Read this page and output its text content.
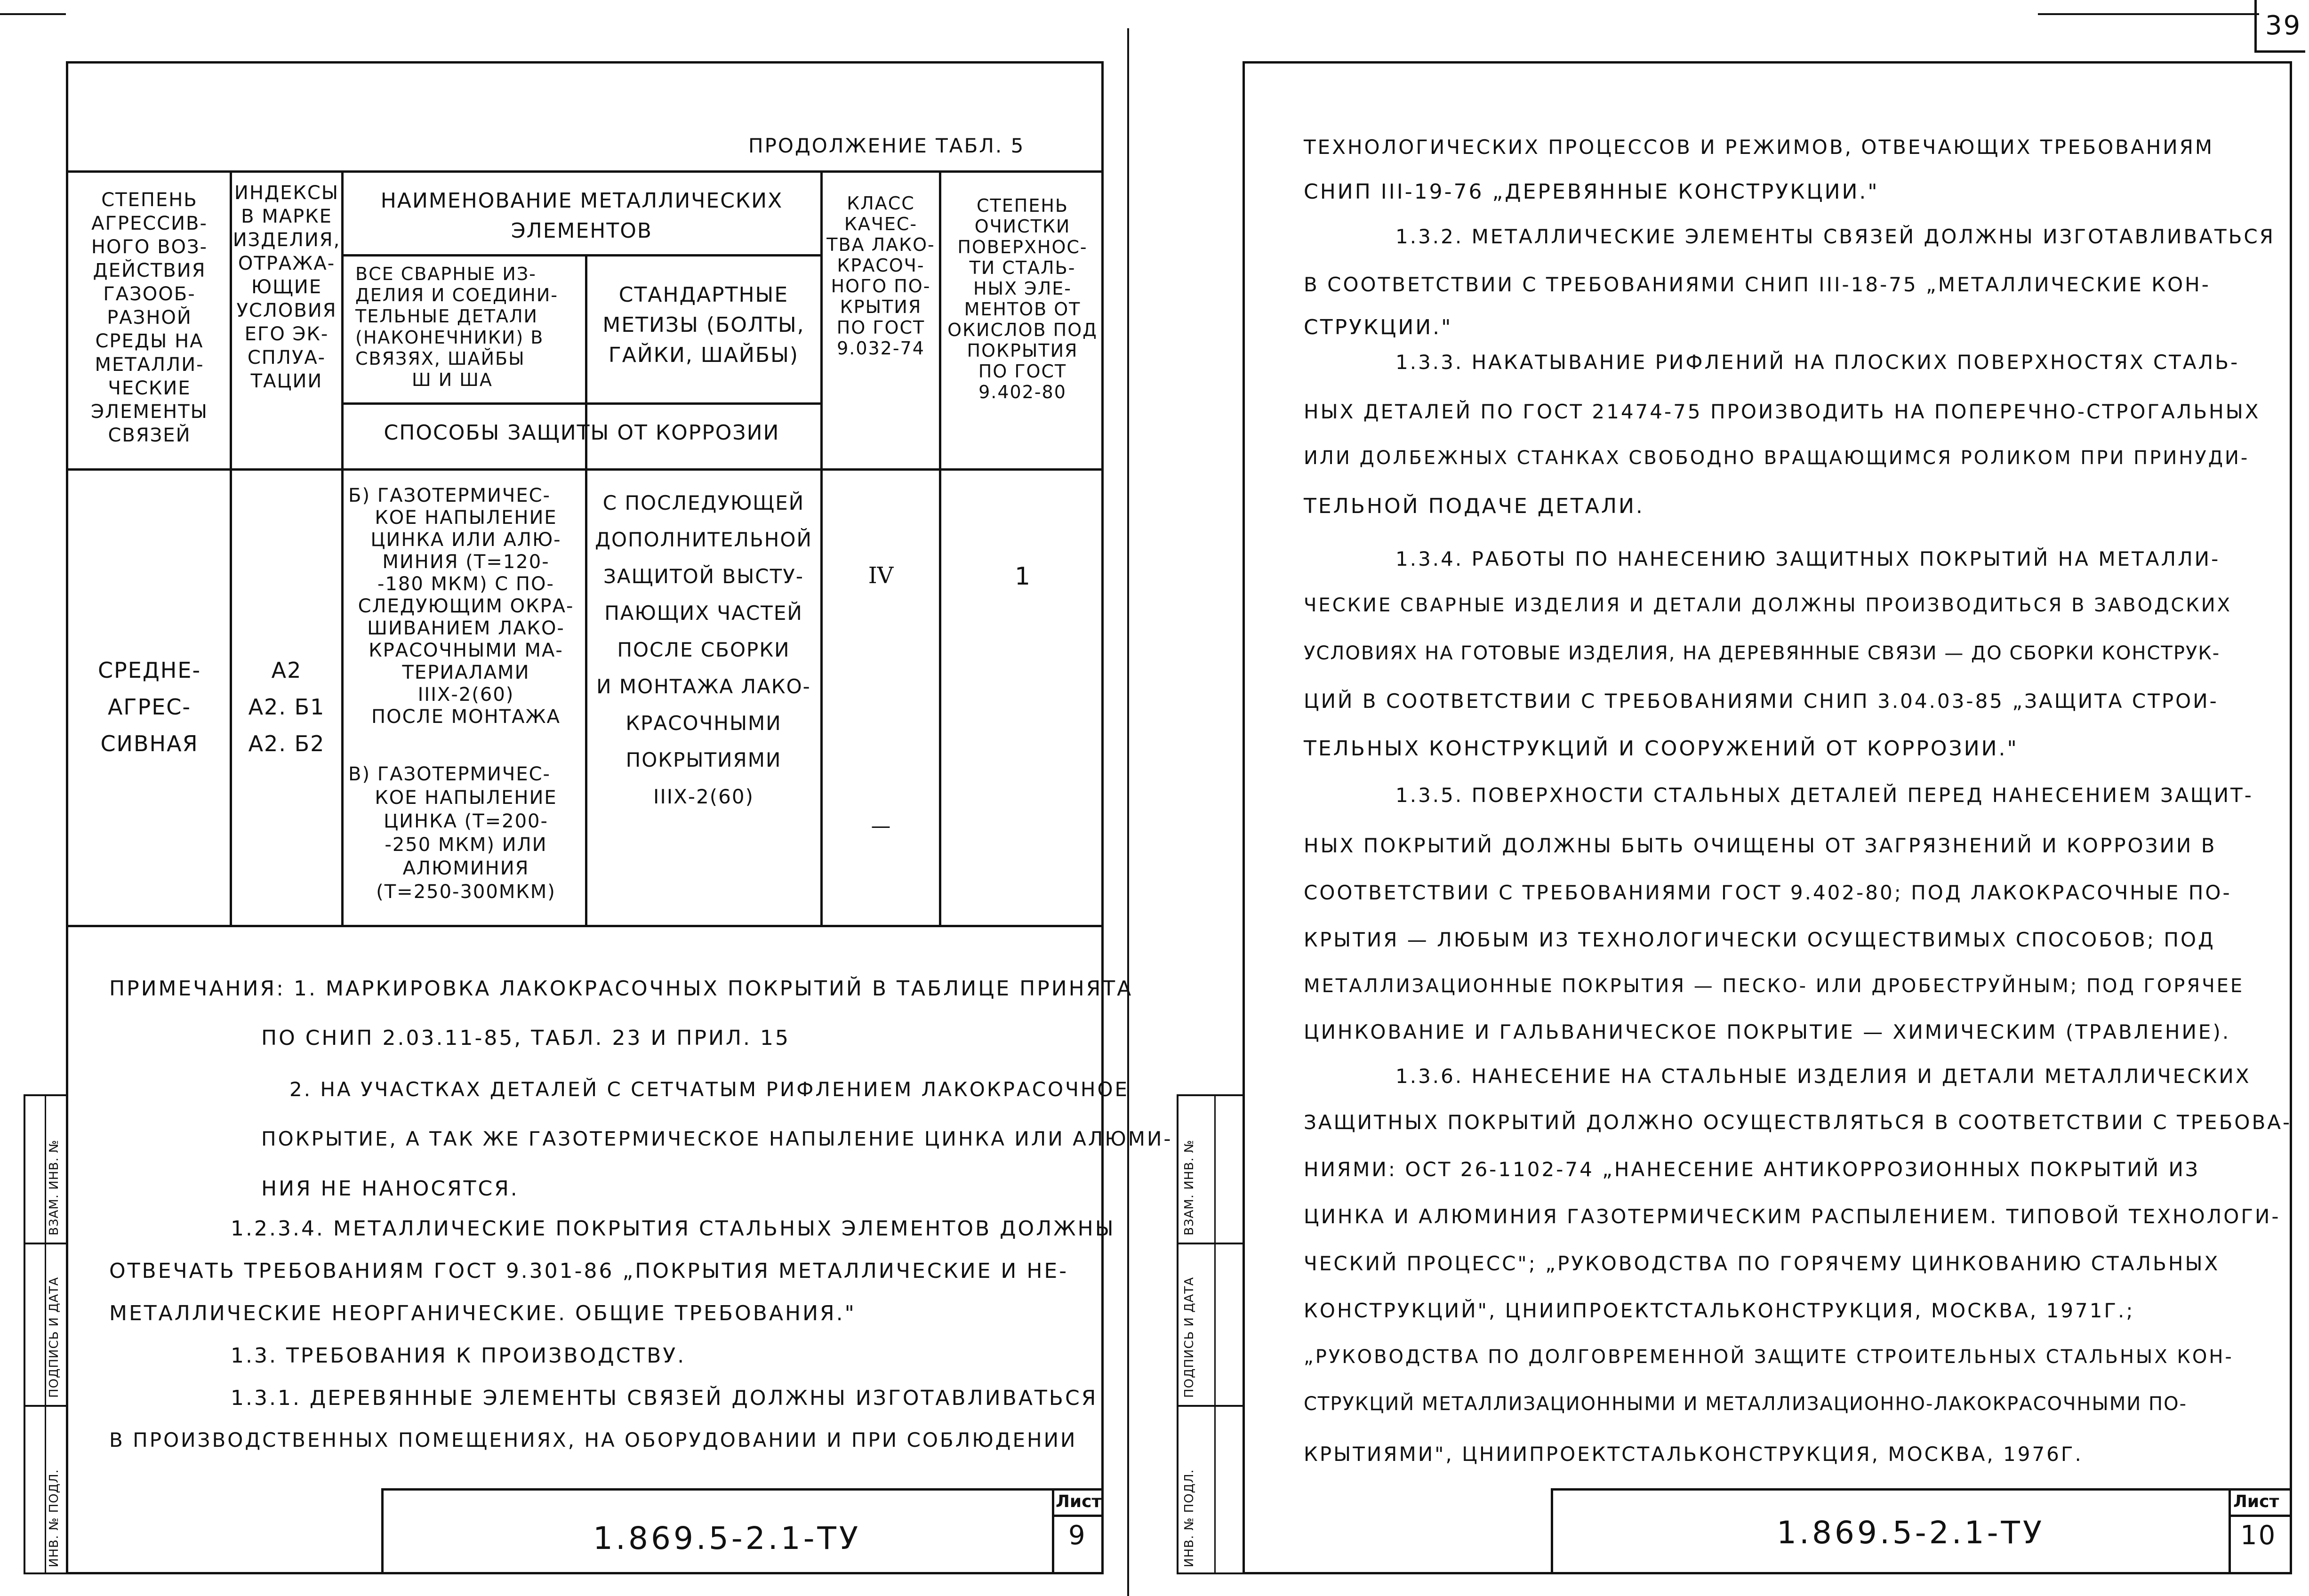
39
ПРОДОЛЖЕНИЕ ТАБЛ. 5
СТЕПЕНЬ
АГРЕССИВ-
НОГО ВОЗ-
ДЕЙСТВИЯ
ГАЗООБ-
РАЗНОЙ
СРЕДЫ НА
МЕТАЛЛИ-
ЧЕСКИЕ
ЭЛЕМЕНТЫ
СВЯЗЕЙ
ИНДЕКСЫ
В МАРКЕ
ИЗДЕЛИЯ,
ОТРАЖА-
ЮЩИЕ
УСЛОВИЯ
ЕГО ЭК-
СПЛУА-
ТАЦИИ
НАИМЕНОВАНИЕ МЕТАЛЛИЧЕСКИХ
ЭЛЕМЕНТОВ
ВСЕ СВАРНЫЕ ИЗ-
ДЕЛИЯ И СОЕДИНИ-
ТЕЛЬНЫЕ ДЕТАЛИ
(НАКОНЕЧНИКИ) В
СВЯЗЯХ, ШАЙБЫ
Ш И ША
СТАНДАРТНЫЕ
МЕТИЗЫ (БОЛТЫ,
ГАЙКИ, ШАЙБЫ)
СПОСОБЫ ЗАЩИТЫ ОТ КОРРОЗИИ
КЛАСС
КАЧЕС-
ТВА ЛАКО-
КРАСОЧ-
НОГО ПО-
КРЫТИЯ
ПО ГОСТ
9.032-74
СТЕПЕНЬ
ОЧИСТКИ
ПОВЕРХНОС-
ТИ СТАЛЬ-
НЫХ ЭЛЕ-
МЕНТОВ ОТ
ОКИСЛОВ ПОД
ПОКРЫТИЯ
ПО ГОСТ
9.402-80
СРЕДНЕ-
АГРЕС-
СИВНАЯ
А2
А2. Б1
А2. Б2
Б) ГАЗОТЕРМИЧЕС-
КОЕ НАПЫЛЕНИЕ
ЦИНКА ИЛИ АЛЮ-
МИНИЯ (T=120-
-180 МКМ) С ПО-
СЛЕДУЮЩИМ ОКРА-
ШИВАНИЕМ ЛАКО-
КРАСОЧНЫМИ МА-
ТЕРИАЛАМИ
IIIХ-2(60)
ПОСЛЕ МОНТАЖА
В) ГАЗОТЕРМИЧЕС-
КОЕ НАПЫЛЕНИЕ
ЦИНКА (T=200-
-250 МКМ) ИЛИ
АЛЮМИНИЯ
(T=250-300МКМ)
С ПОСЛЕДУЮЩЕЙ
ДОПОЛНИТЕЛЬНОЙ
ЗАЩИТОЙ ВЫСТУ-
ПАЮЩИХ ЧАСТЕЙ
ПОСЛЕ СБОРКИ
И МОНТАЖА ЛАКО-
КРАСОЧНЫМИ
ПОКРЫТИЯМИ
IIIХ-2(60)
IV
—
1
ПРИМЕЧАНИЯ: 1. МАРКИРОВКА ЛАКОКРАСОЧНЫХ ПОКРЫТИЙ В ТАБЛИЦЕ ПРИНЯТА
ПО СНИП 2.03.11-85, ТАБЛ. 23 И ПРИЛ. 15
2. НА УЧАСТКАХ ДЕТАЛЕЙ С СЕТЧАТЫМ РИФЛЕНИЕМ ЛАКОКРАСОЧНОЕ
ПОКРЫТИЕ, А ТАК ЖЕ ГАЗОТЕРМИЧЕСКОЕ НАПЫЛЕНИЕ ЦИНКА ИЛИ АЛЮМИ-
НИЯ НЕ НАНОСЯТСЯ.
1.2.3.4. МЕТАЛЛИЧЕСКИЕ ПОКРЫТИЯ СТАЛЬНЫХ ЭЛЕМЕНТОВ ДОЛЖНЫ
ОТВЕЧАТЬ ТРЕБОВАНИЯМ ГОСТ 9.301-86 „ПОКРЫТИЯ МЕТАЛЛИЧЕСКИЕ И НЕ-
МЕТАЛЛИЧЕСКИЕ НЕОРГАНИЧЕСКИЕ. ОБЩИЕ ТРЕБОВАНИЯ."
1.3. ТРЕБОВАНИЯ К ПРОИЗВОДСТВУ.
1.3.1. ДЕРЕВЯННЫЕ ЭЛЕМЕНТЫ СВЯЗЕЙ ДОЛЖНЫ ИЗГОТАВЛИВАТЬСЯ
В ПРОИЗВОДСТВЕННЫХ ПОМЕЩЕНИЯХ, НА ОБОРУДОВАНИИ И ПРИ СОБЛЮДЕНИИ
1.869.5-2.1-ТУ
Лист
9
ИНВ. № ПОДЛ.
ПОДПИСЬ И ДАТА
ВЗАМ. ИНВ. №
ТЕХНОЛОГИЧЕСКИХ ПРОЦЕССОВ И РЕЖИМОВ, ОТВЕЧАЮЩИХ ТРЕБОВАНИЯМ
СНИП III-19-76 „ДЕРЕВЯННЫЕ КОНСТРУКЦИИ."
1.3.2. МЕТАЛЛИЧЕСКИЕ ЭЛЕМЕНТЫ СВЯЗЕЙ ДОЛЖНЫ ИЗГОТАВЛИВАТЬСЯ
В СООТВЕТСТВИИ С ТРЕБОВАНИЯМИ СНИП III-18-75 „МЕТАЛЛИЧЕСКИЕ КОН-
СТРУКЦИИ."
1.3.3. НАКАТЫВАНИЕ РИФЛЕНИЙ НА ПЛОСКИХ ПОВЕРХНОСТЯХ СТАЛЬ-
НЫХ ДЕТАЛЕЙ ПО ГОСТ 21474-75 ПРОИЗВОДИТЬ НА ПОПЕРЕЧНО-СТРОГАЛЬНЫХ
ИЛИ ДОЛБЕЖНЫХ СТАНКАХ СВОБОДНО ВРАЩАЮЩИМСЯ РОЛИКОМ ПРИ ПРИНУДИ-
ТЕЛЬНОЙ ПОДАЧЕ ДЕТАЛИ.
1.3.4. РАБОТЫ ПО НАНЕСЕНИЮ ЗАЩИТНЫХ ПОКРЫТИЙ НА МЕТАЛЛИ-
ЧЕСКИЕ СВАРНЫЕ ИЗДЕЛИЯ И ДЕТАЛИ ДОЛЖНЫ ПРОИЗВОДИТЬСЯ В ЗАВОДСКИХ
УСЛОВИЯХ НА ГОТОВЫЕ ИЗДЕЛИЯ, НА ДЕРЕВЯННЫЕ СВЯЗИ — ДО СБОРКИ КОНСТРУК-
ЦИЙ В СООТВЕТСТВИИ С ТРЕБОВАНИЯМИ СНИП 3.04.03-85 „ЗАЩИТА СТРОИ-
ТЕЛЬНЫХ КОНСТРУКЦИЙ И СООРУЖЕНИЙ ОТ КОРРОЗИИ."
1.3.5. ПОВЕРХНОСТИ СТАЛЬНЫХ ДЕТАЛЕЙ ПЕРЕД НАНЕСЕНИЕМ ЗАЩИТ-
НЫХ ПОКРЫТИЙ ДОЛЖНЫ БЫТЬ ОЧИЩЕНЫ ОТ ЗАГРЯЗНЕНИЙ И КОРРОЗИИ В
СООТВЕТСТВИИ С ТРЕБОВАНИЯМИ ГОСТ 9.402-80; ПОД ЛАКОКРАСОЧНЫЕ ПО-
КРЫТИЯ — ЛЮБЫМ ИЗ ТЕХНОЛОГИЧЕСКИ ОСУЩЕСТВИМЫХ СПОСОБОВ; ПОД
МЕТАЛЛИЗАЦИОННЫЕ ПОКРЫТИЯ — ПЕСКО- ИЛИ ДРОБЕСТРУЙНЫМ; ПОД ГОРЯЧЕЕ
ЦИНКОВАНИЕ И ГАЛЬВАНИЧЕСКОЕ ПОКРЫТИЕ — ХИМИЧЕСКИМ (ТРАВЛЕНИЕ).
1.3.6. НАНЕСЕНИЕ НА СТАЛЬНЫЕ ИЗДЕЛИЯ И ДЕТАЛИ МЕТАЛЛИЧЕСКИХ
ЗАЩИТНЫХ ПОКРЫТИЙ ДОЛЖНО ОСУЩЕСТВЛЯТЬСЯ В СООТВЕТСТВИИ С ТРЕБОВА-
НИЯМИ: ОСТ 26-1102-74 „НАНЕСЕНИЕ АНТИКОРРОЗИОННЫХ ПОКРЫТИЙ ИЗ
ЦИНКА И АЛЮМИНИЯ ГАЗОТЕРМИЧЕСКИМ РАСПЫЛЕНИЕМ. ТИПОВОЙ ТЕХНОЛОГИ-
ЧЕСКИЙ ПРОЦЕСС"; „РУКОВОДСТВА ПО ГОРЯЧЕМУ ЦИНКОВАНИЮ СТАЛЬНЫХ
КОНСТРУКЦИЙ", ЦНИИПРОЕКТСТАЛЬКОНСТРУКЦИЯ, МОСКВА, 1971Г.;
„РУКОВОДСТВА ПО ДОЛГОВРЕМЕННОЙ ЗАЩИТЕ СТРОИТЕЛЬНЫХ СТАЛЬНЫХ КОН-
СТРУКЦИЙ МЕТАЛЛИЗАЦИОННЫМИ И МЕТАЛЛИЗАЦИОННО-ЛАКОКРАСОЧНЫМИ ПО-
КРЫТИЯМИ", ЦНИИПРОЕКТСТАЛЬКОНСТРУКЦИЯ, МОСКВА, 1976Г.
1.869.5-2.1-ТУ
Лист
10
ИНВ. № ПОДЛ.
ПОДПИСЬ И ДАТА
ВЗАМ. ИНВ. №
